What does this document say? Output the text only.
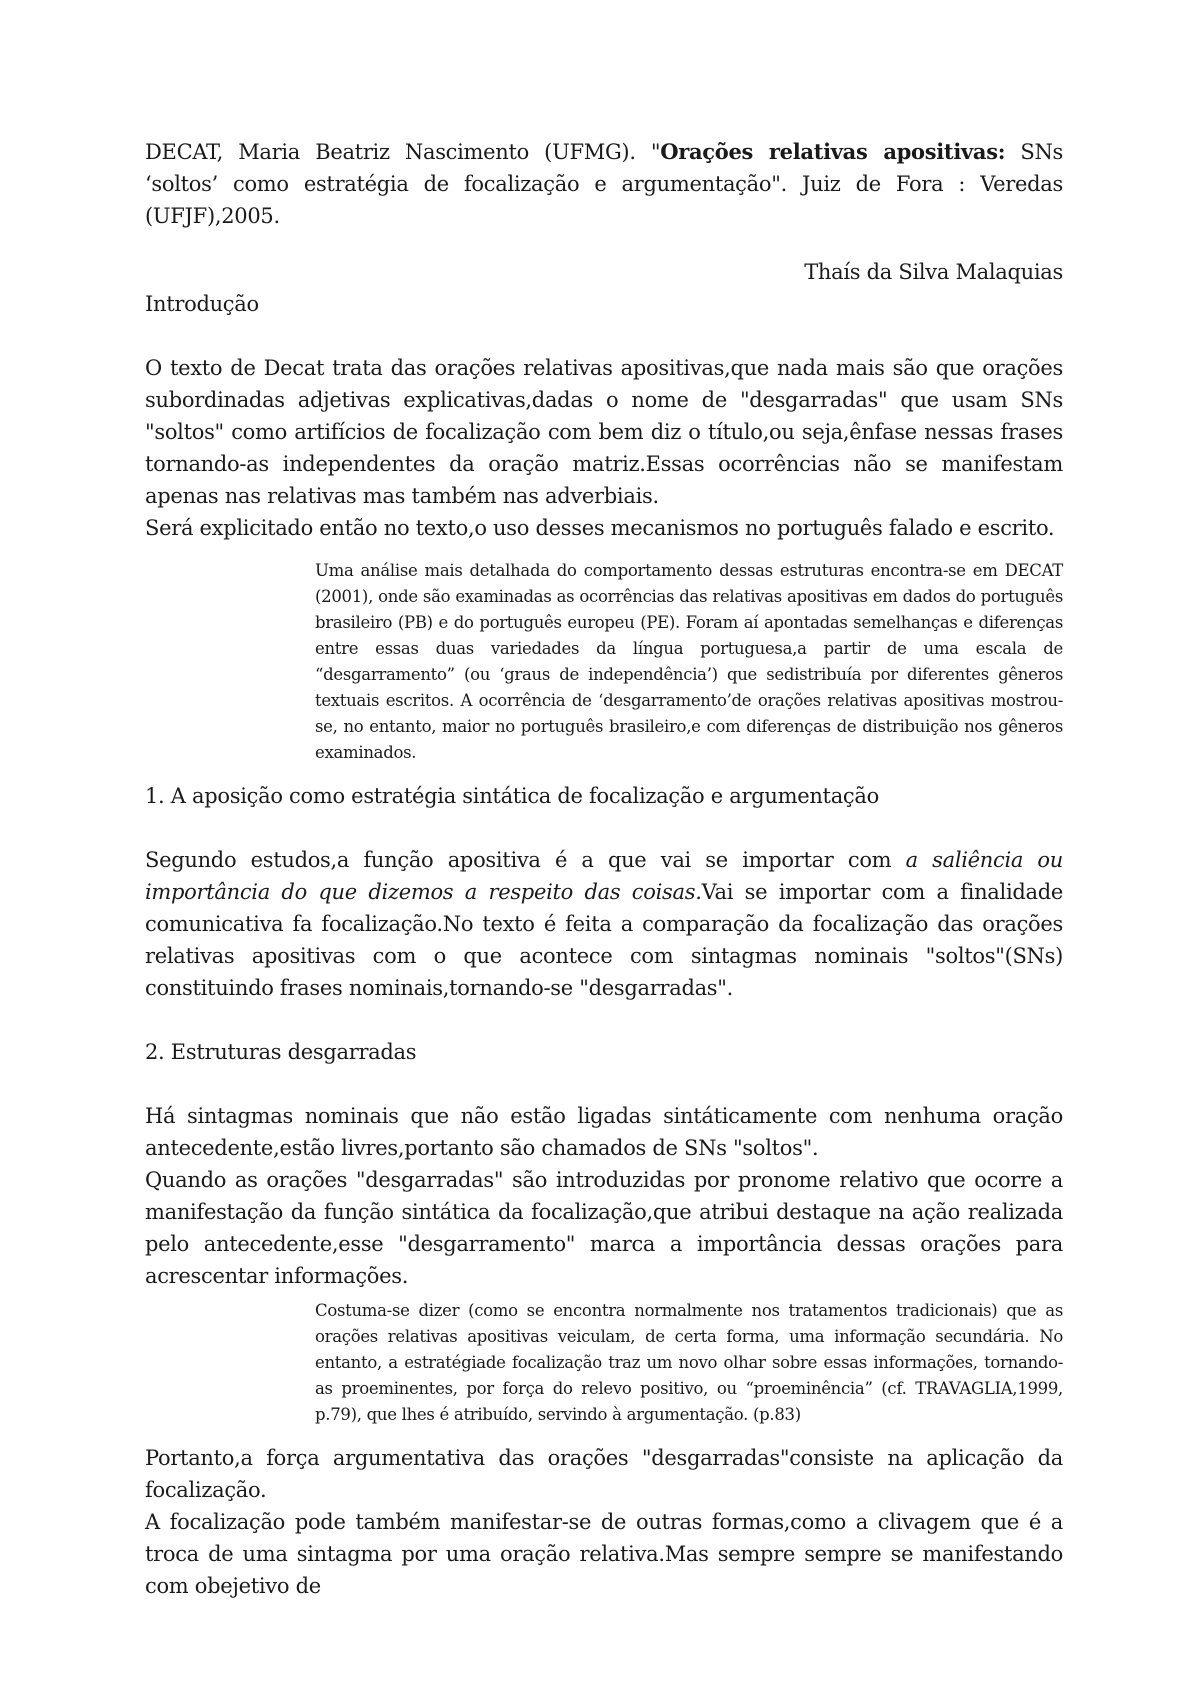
DECAT, Maria Beatriz Nascimento (UFMG). "Orações relativas apositivas: SNs ‘soltos’ como estratégia de focalização e argumentação". Juiz de Fora : Veredas (UFJF),2005.

Thaís da Silva Malaquias

Introdução

O texto de Decat trata das orações relativas apositivas,que nada mais são que orações subordinadas adjetivas explicativas,dadas o nome de "desgarradas" que usam SNs "soltos" como artifícios de focalização com bem diz o título,ou seja,ênfase nessas frases tornando-as independentes da oração matriz.Essas ocorrências não se manifestam apenas nas relativas mas também nas adverbiais.

Será explicitado então no texto,o uso desses mecanismos no português falado e escrito.

Uma análise mais detalhada do comportamento dessas estruturas encontra-se em DECAT (2001), onde são examinadas as ocorrências das relativas apositivas em dados do português brasileiro (PB) e do português europeu (PE). Foram aí apontadas semelhanças e diferenças entre essas duas variedades da língua portuguesa,a partir de uma escala de “desgarramento” (ou ‘graus de independência’) que sedistribuía por diferentes gêneros textuais escritos. A ocorrência de ‘desgarramento’de orações relativas apositivas mostrou-se, no entanto, maior no português brasileiro,e com diferenças de distribuição nos gêneros examinados.

1. A aposição como estratégia sintática de focalização e argumentação

Segundo estudos,a função apositiva é a que vai se importar com a saliência ou importância do que dizemos a respeito das coisas.Vai se importar com a finalidade comunicativa fa focalização.No texto é feita a comparação da focalização das orações relativas apositivas com o que acontece com sintagmas nominais "soltos"(SNs) constituindo frases nominais,tornando-se "desgarradas".

2. Estruturas desgarradas

Há sintagmas nominais que não estão ligadas sintáticamente com nenhuma oração antecedente,estão livres,portanto são chamados de SNs "soltos".

Quando as orações "desgarradas" são introduzidas por pronome relativo que ocorre a manifestação da função sintática da focalização,que atribui destaque na ação realizada pelo antecedente,esse "desgarramento" marca a importância dessas orações para acrescentar informações.

Costuma-se dizer (como se encontra normalmente nos tratamentos tradicionais) que as orações relativas apositivas veiculam, de certa forma, uma informação secundária. No entanto, a estratégiade focalização traz um novo olhar sobre essas informações, tornando-as proeminentes, por força do relevo positivo, ou “proeminência” (cf. TRAVAGLIA,1999, p.79), que lhes é atribuído, servindo à argumentação. (p.83)

Portanto,a força argumentativa das orações "desgarradas"consiste na aplicação da focalização.

A focalização pode também manifestar-se de outras formas,como a clivagem que é a troca de uma sintagma por uma oração relativa.Mas sempre sempre se manifestando com obejetivo de
